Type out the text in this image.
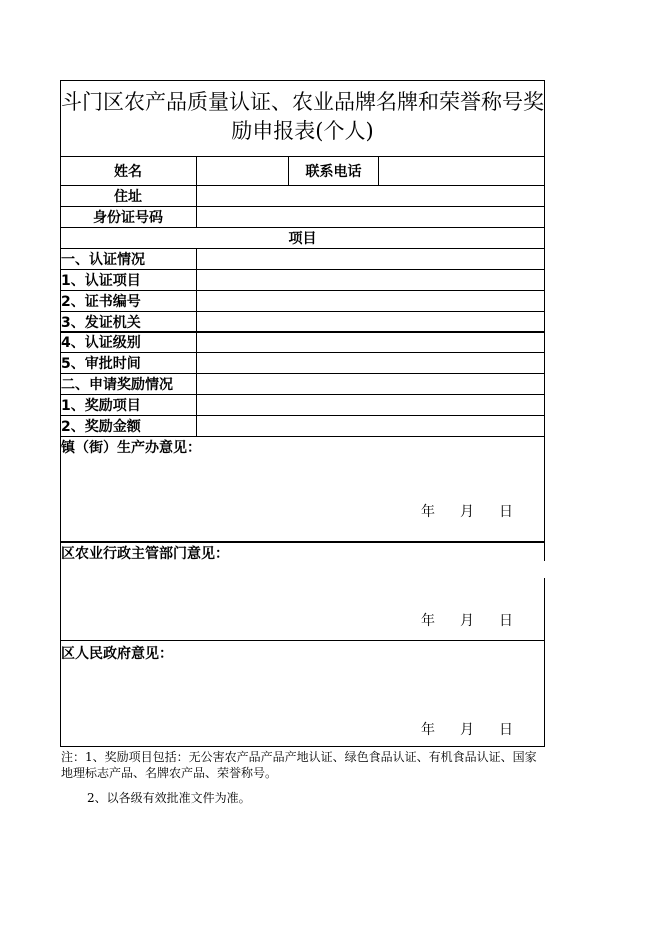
斗门区农产品质量认证、农业品牌名牌和荣誉称号奖励申报表(个人)
姓名	联系电话
住址
身份证号码
项目
一、认证情况
1、认证项目
2、证书编号
3、发证机关
4、认证级别
5、审批时间
二、申请奖励情况
1、奖励项目
2、奖励金额
镇（街）生产办意见：
年 月 日
区农业行政主管部门意见：
年 月 日
区人民政府意见：
年 月 日
注：1、奖励项目包括：无公害农产品产品产地认证、绿色食品认证、有机食品认证、国家地理标志产品、名牌农产品、荣誉称号。
2、以各级有效批准文件为准。
